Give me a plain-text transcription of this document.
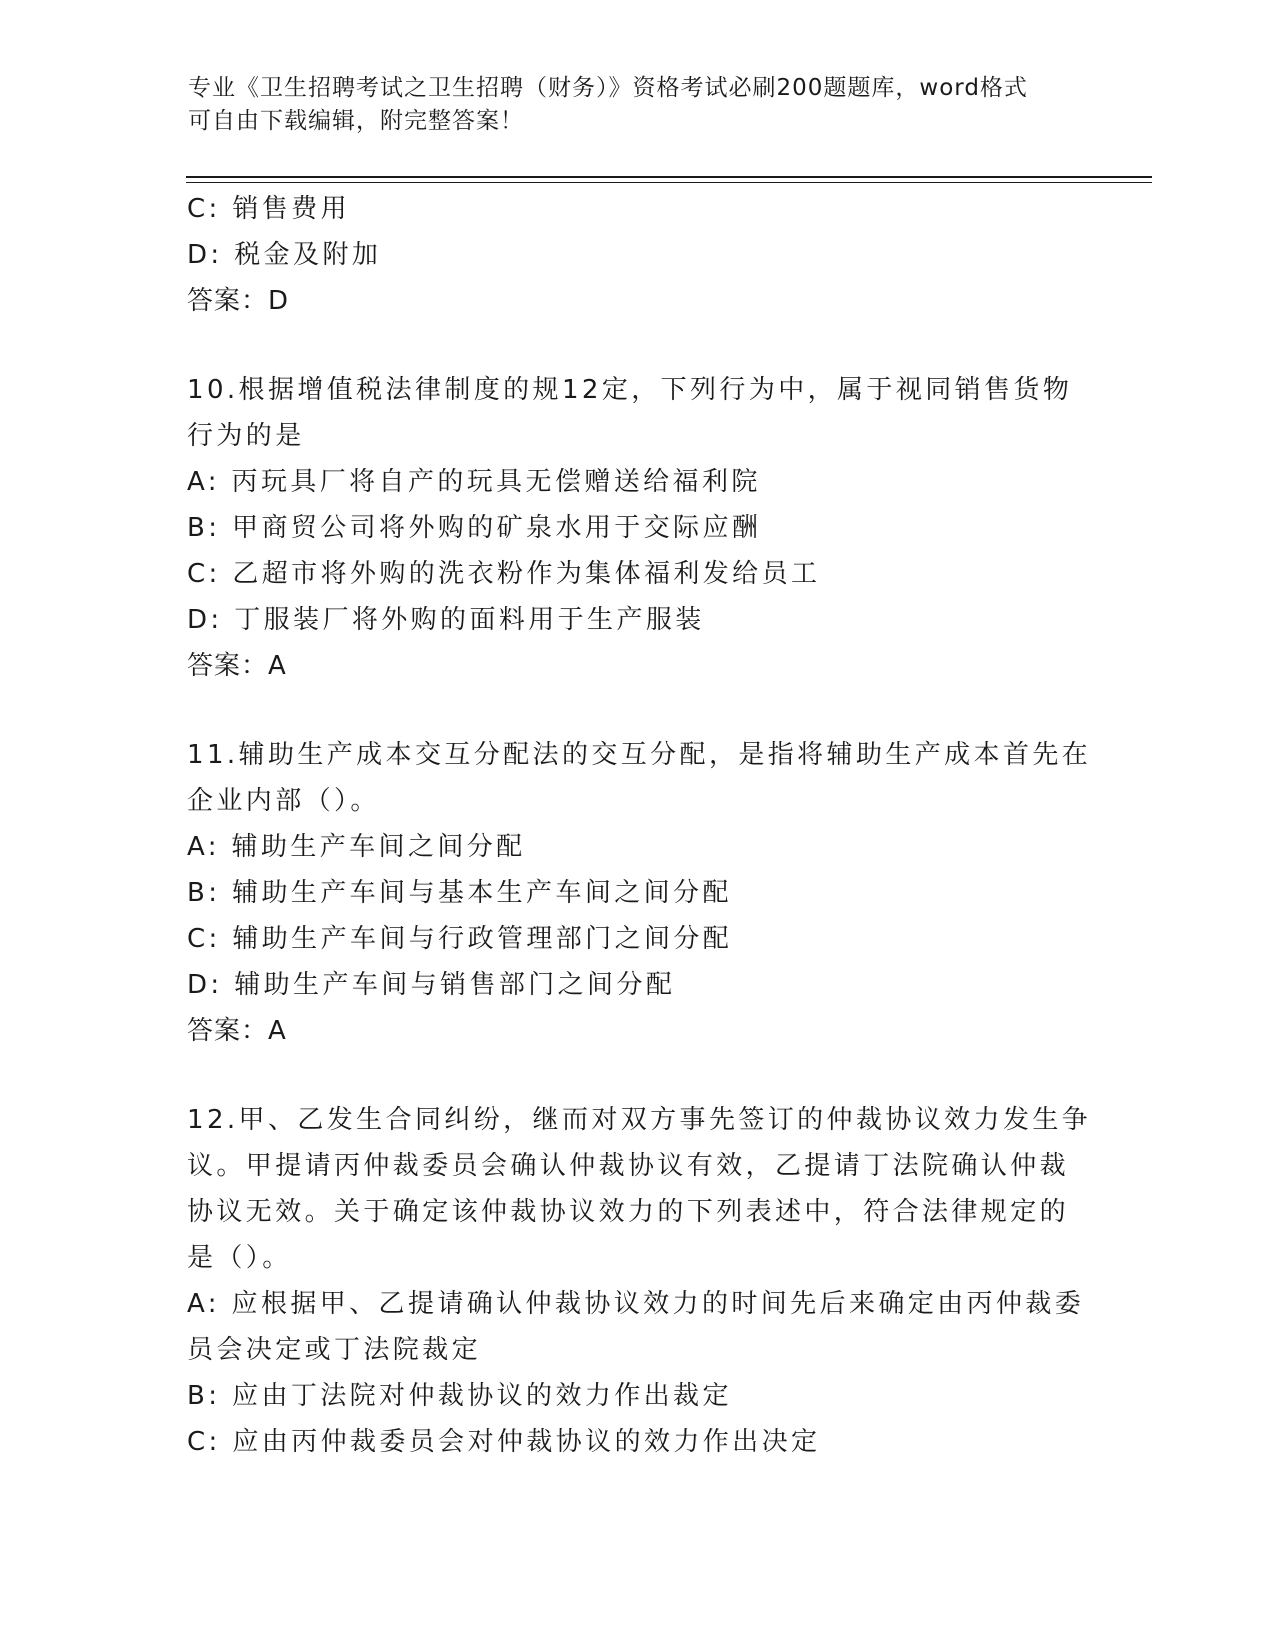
专业《卫生招聘考试之卫生招聘（财务）》资格考试必刷200题题库，word格式
可自由下载编辑，附完整答案！
C: 销售费用
D: 税金及附加
答案：D
10.根据增值税法律制度的规12定，下列行为中，属于视同销售货物
行为的是
A: 丙玩具厂将自产的玩具无偿赠送给福利院
B: 甲商贸公司将外购的矿泉水用于交际应酬
C: 乙超市将外购的洗衣粉作为集体福利发给员工
D: 丁服装厂将外购的面料用于生产服装
答案：A
11.辅助生产成本交互分配法的交互分配，是指将辅助生产成本首先在
企业内部（）。
A: 辅助生产车间之间分配
B: 辅助生产车间与基本生产车间之间分配
C: 辅助生产车间与行政管理部门之间分配
D: 辅助生产车间与销售部门之间分配
答案：A
12.甲、乙发生合同纠纷，继而对双方事先签订的仲裁协议效力发生争
议。甲提请丙仲裁委员会确认仲裁协议有效，乙提请丁法院确认仲裁
协议无效。关于确定该仲裁协议效力的下列表述中，符合法律规定的
是（）。
A: 应根据甲、乙提请确认仲裁协议效力的时间先后来确定由丙仲裁委
员会决定或丁法院裁定
B: 应由丁法院对仲裁协议的效力作出裁定
C: 应由丙仲裁委员会对仲裁协议的效力作出决定
